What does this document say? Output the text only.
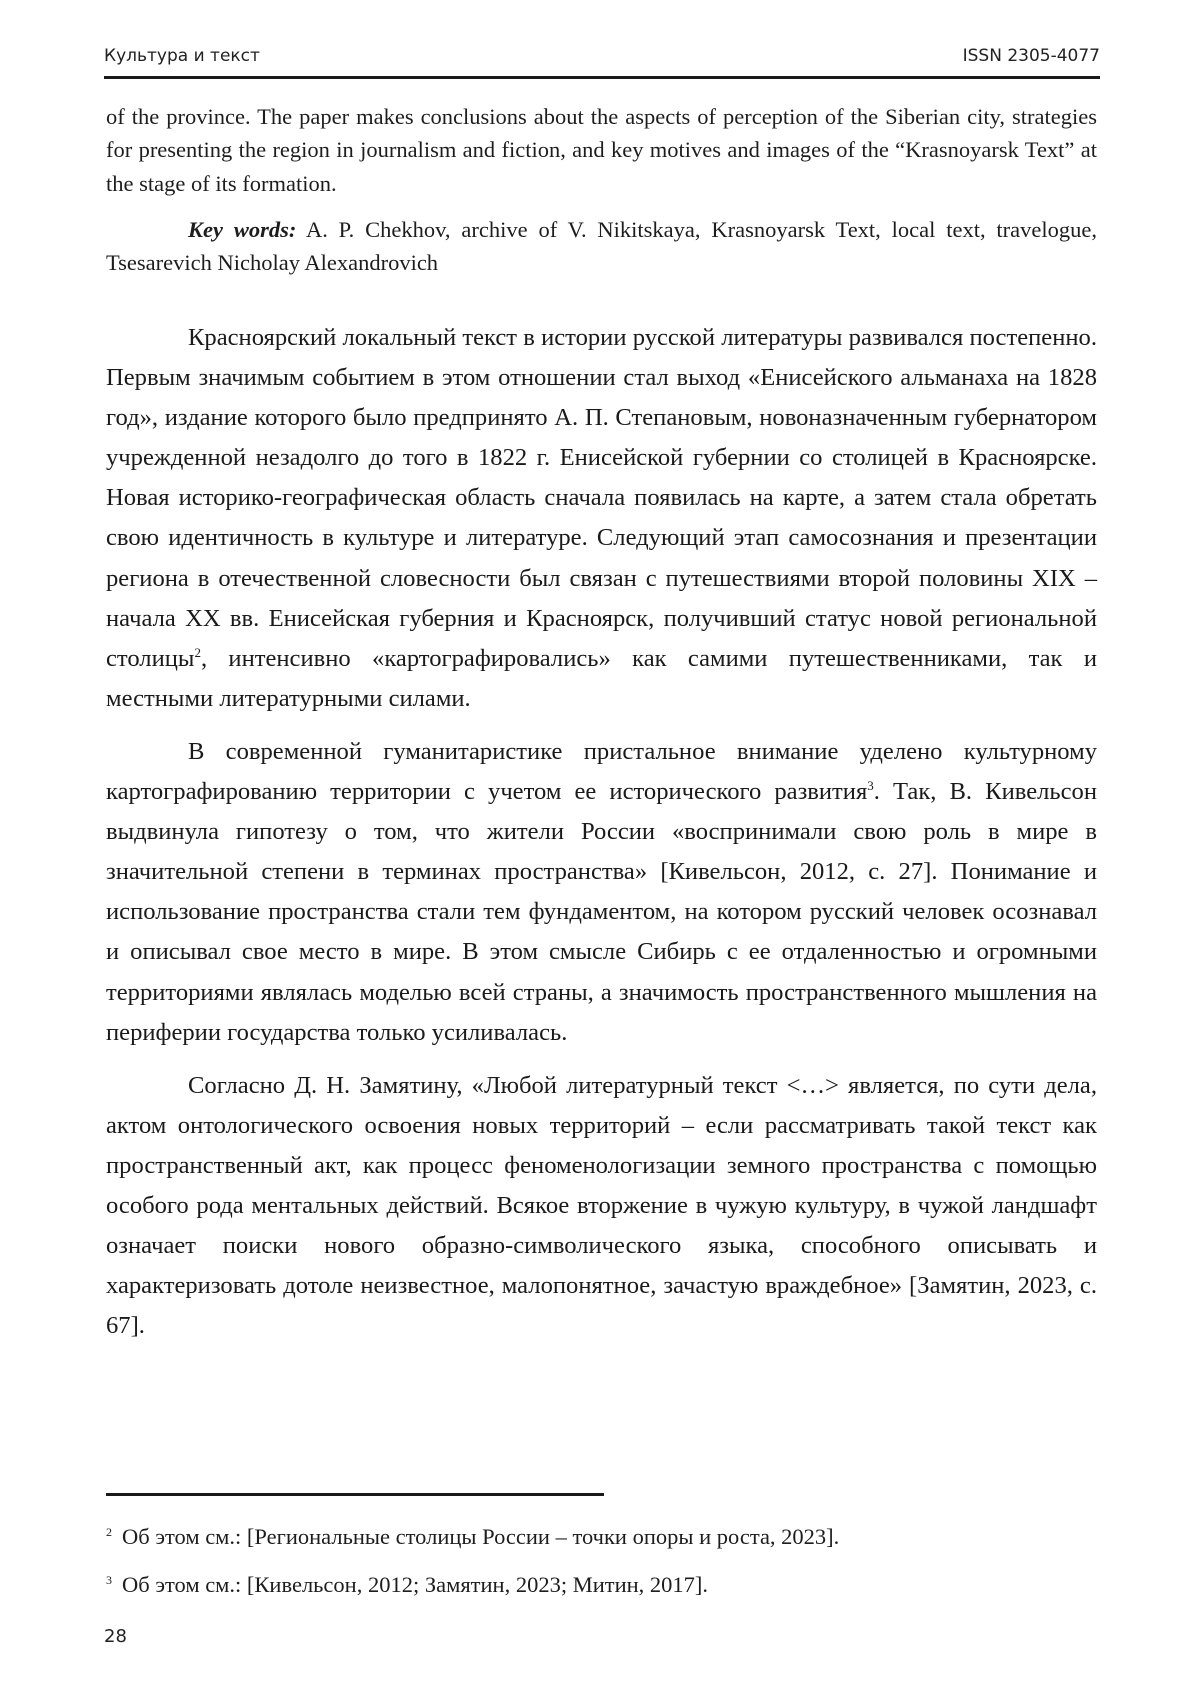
Культура и текст	ISSN 2305-4077

of the province. The paper makes conclusions about the aspects of perception of the Siberian city, strategies for presenting the region in journalism and fiction, and key motives and images of the “Krasnoyarsk Text” at the stage of its formation.

Key words: A. P. Chekhov, archive of V. Nikitskaya, Krasnoyarsk Text, local text, travelogue, Tsesarevich Nicholay Alexandrovich

Красноярский локальный текст в истории русской литературы развивался постепенно. Первым значимым событием в этом отношении стал выход «Енисейского альманаха на 1828 год», издание которого было предпринято А. П. Степановым, новоназначенным губернатором учрежденной незадолго до того в 1822 г. Енисейской губернии со столицей в Красноярске. Новая историко-географическая область сначала появилась на карте, а затем стала обретать свою идентичность в культуре и литературе. Следующий этап самосознания и презентации региона в отечественной словесности был связан с путешествиями второй половины XIX – начала XX вв. Енисейская губерния и Красноярск, получивший статус новой региональной столицы$^2$, интенсивно «картографировались» как самими путешественниками, так и местными литературными силами.

В современной гуманитаристике пристальное внимание уделено культурному картографированию территории с учетом ее исторического развития$^3$. Так, В. Кивельсон выдвинула гипотезу о том, что жители России «воспринимали свою роль в мире в значительной степени в терминах пространства» [Кивельсон, 2012, с. 27]. Понимание и использование пространства стали тем фундаментом, на котором русский человек осознавал и описывал свое место в мире. В этом смысле Сибирь с ее отдаленностью и огромными территориями являлась моделью всей страны, а значимость пространственного мышления на периферии государства только усиливалась.

Согласно Д. Н. Замятину, «Любой литературный текст <…> является, по сути дела, актом онтологического освоения новых территорий – если рассматривать такой текст как пространственный акт, как процесс феноменологизации земного пространства с помощью особого рода ментальных действий. Всякое вторжение в чужую культуру, в чужой ландшафт означает поиски нового образно-символического языка, способного описывать и характеризовать дотоле неизвестное, малопонятное, зачастую враждебное» [Замятин, 2023, с. 67].

$^2$ Об этом см.: [Региональные столицы России – точки опоры и роста, 2023].

$^3$ Об этом см.: [Кивельсон, 2012; Замятин, 2023; Митин, 2017].

28
